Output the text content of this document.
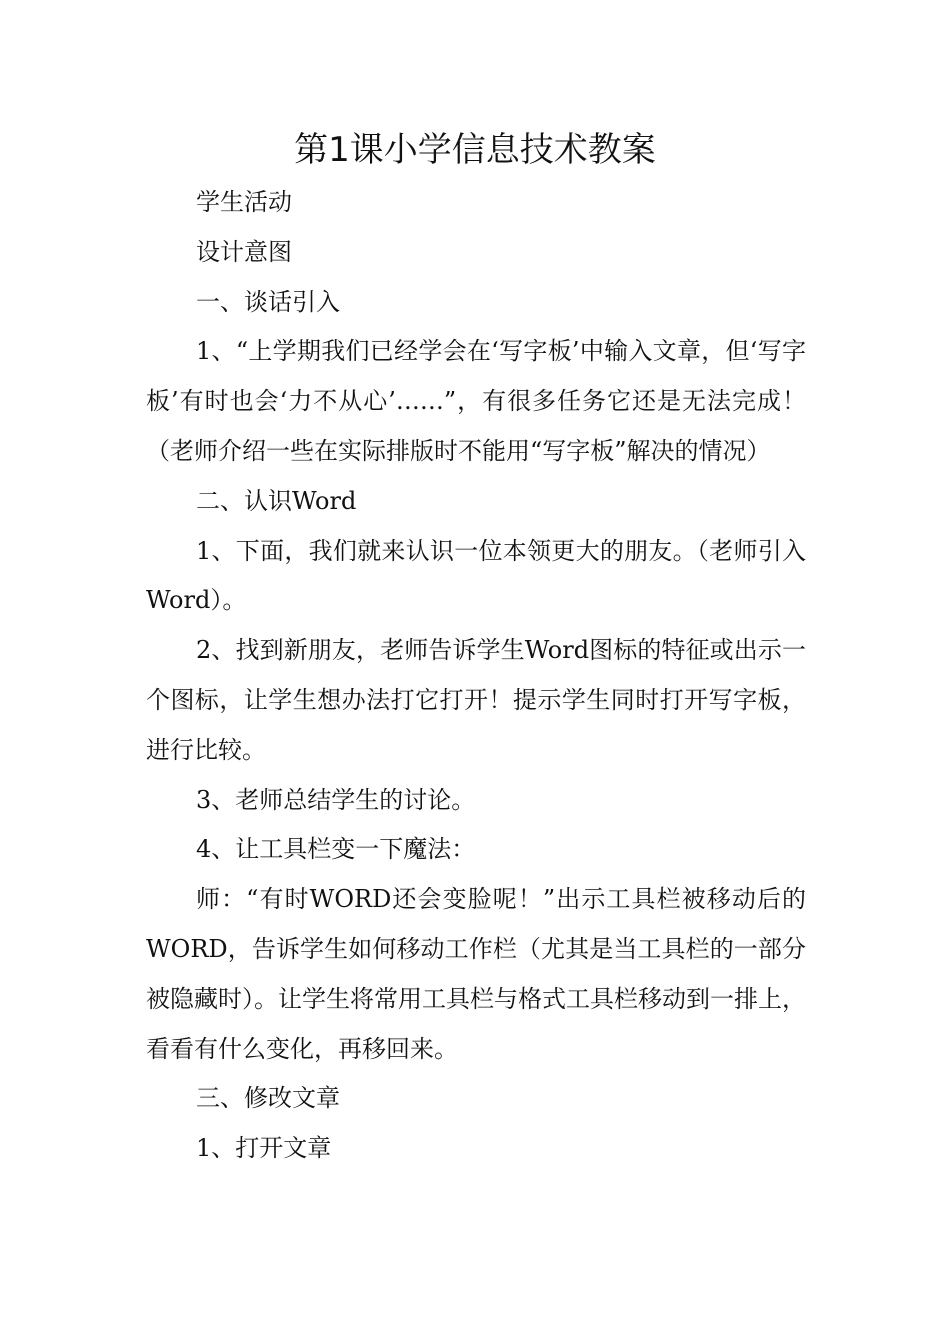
第1课小学信息技术教案

学生活动

设计意图

一、谈话引入

1、“上学期我们已经学会在‘写字板’中输入文章，但‘写字板’有时也会‘力不从心’……”，有很多任务它还是无法完成！（老师介绍一些在实际排版时不能用“写字板”解决的情况）

二、认识Word

1、下面，我们就来认识一位本领更大的朋友。（老师引入Word）。

2、找到新朋友，老师告诉学生Word图标的特征或出示一个图标，让学生想办法打它打开！提示学生同时打开写字板，进行比较。

3、老师总结学生的讨论。

4、让工具栏变一下魔法：

师：“有时WORD还会变脸呢！”出示工具栏被移动后的WORD，告诉学生如何移动工作栏（尤其是当工具栏的一部分被隐藏时）。让学生将常用工具栏与格式工具栏移动到一排上，看看有什么变化，再移回来。

三、修改文章

1、打开文章
